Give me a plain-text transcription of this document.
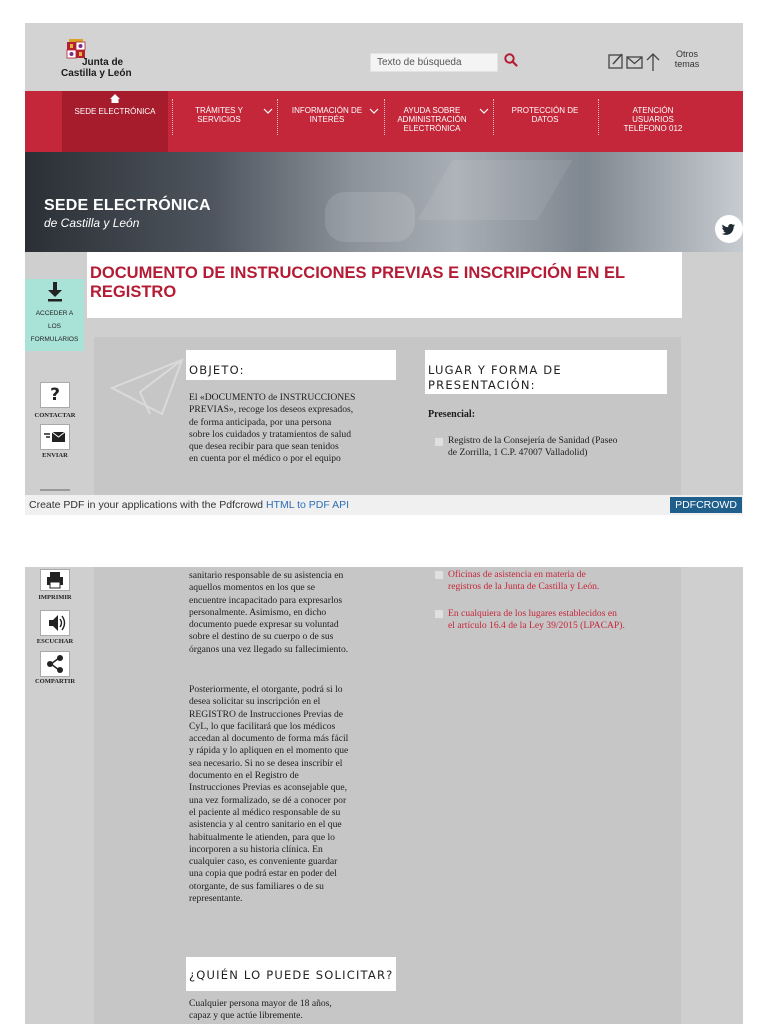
Junta de
Castilla y León
Texto de búsqueda
Otros
temas
SEDE ELECTRÓNICA	TRÁMITES Y
SERVICIOS
INFORMACIÓN DE
INTERÉS
AYUDA SOBRE
ADMINISTRACIÓN
ELECTRÓNICA
PROTECCIÓN DE
DATOS
ATENCIÓN
USUARIOS
TELÉFONO 012
SEDE ELECTRÓNICA
de Castilla y León
DOCUMENTO DE INSTRUCCIONES PREVIAS E INSCRIPCIÓN EN EL
REGISTRO
ACCEDER A
LOS
FORMULARIOS
?
CONTACTAR
ENVIAR
OBJETO:
El «DOCUMENTO de INSTRUCCIONES
PREVIAS», recoge los deseos expresados,
de forma anticipada, por una persona
sobre los cuidados y tratamientos de salud
que desea recibir para que sean tenidos
en cuenta por el médico o por el equipo
LUGAR Y FORMA DE
PRESENTACIÓN:
Presencial:
Registro de la Consejería de Sanidad (Paseo
de Zorrilla, 1 C.P. 47007 Valladolid)
Create PDF in your applications with the Pdfcrowd HTML to PDF API	PDFCROWD
IMPRIMIR
ESCUCHAR
COMPARTIR
sanitario responsable de su asistencia en
aquellos momentos en los que se
encuentre incapacitado para expresarlos
personalmente. Asimismo, en dicho
documento puede expresar su voluntad
sobre el destino de su cuerpo o de sus
órganos una vez llegado su fallecimiento.
Posteriormente, el otorgante, podrá si lo
desea solicitar su inscripción en el
REGISTRO de Instrucciones Previas de
CyL, lo que facilitará que los médicos
accedan al documento de forma más fácil
y rápida y lo apliquen en el momento que
sea necesario. Si no se desea inscribir el
documento en el Registro de
Instrucciones Previas es aconsejable que,
una vez formalizado, se dé a conocer por
el paciente al médico responsable de su
asistencia y al centro sanitario en el que
habitualmente le atienden, para que lo
incorporen a su historia clínica. En
cualquier caso, es conveniente guardar
una copia que podrá estar en poder del
otorgante, de sus familiares o de su
representante.
¿QUIÉN LO PUEDE SOLICITAR?
Cualquier persona mayor de 18 años,
capaz y que actúe libremente.
Oficinas de asistencia en materia de
registros de la Junta de Castilla y León.
En cualquiera de los lugares establecidos en
el artículo 16.4 de la Ley 39/2015 (LPACAP).
